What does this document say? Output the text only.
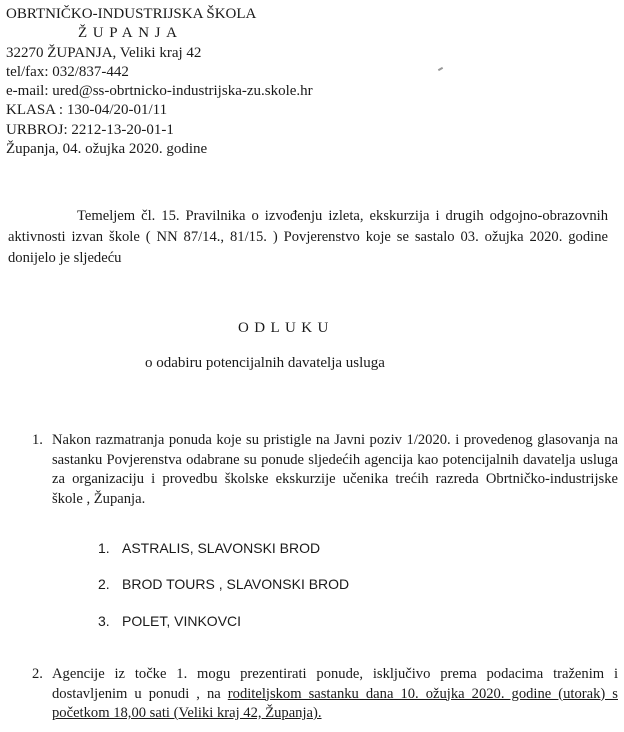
OBRTNIČKO-INDUSTRIJSKA ŠKOLA
ŽUPANJA
32270 ŽUPANJA, Veliki kraj 42
tel/fax: 032/837-442
e-mail: ured@ss-obrtnicko-industrijska-zu.skole.hr
KLASA : 130-04/20-01/11
URBROJ: 2212-13-20-01-1
Županja, 04. ožujka 2020. godine
Temeljem čl. 15. Pravilnika o izvođenju izleta, ekskurzija i drugih odgojno-obrazovnih aktivnosti izvan škole ( NN 87/14., 81/15. ) Povjerenstvo koje se sastalo 03. ožujka 2020. godine donijelo je sljedeću
ODLUKU
o odabiru potencijalnih davatelja usluga
1. Nakon razmatranja ponuda koje su pristigle na Javni poziv 1/2020. i provedenog glasovanja na sastanku Povjerenstva odabrane su ponude sljedećih agencija kao potencijalnih davatelja usluga za organizaciju i provedbu školske ekskurzije učenika trećih razreda Obrtničko-industrijske škole , Županja.
1. ASTRALIS, SLAVONSKI BROD
2. BROD TOURS , SLAVONSKI BROD
3. POLET, VINKOVCI
2. Agencije iz točke 1. mogu prezentirati ponude, isključivo prema podacima traženim i dostavljenim u ponudi , na roditeljskom sastanku dana 10. ožujka 2020. godine (utorak) s početkom 18,00 sati (Veliki kraj 42, Županja).
